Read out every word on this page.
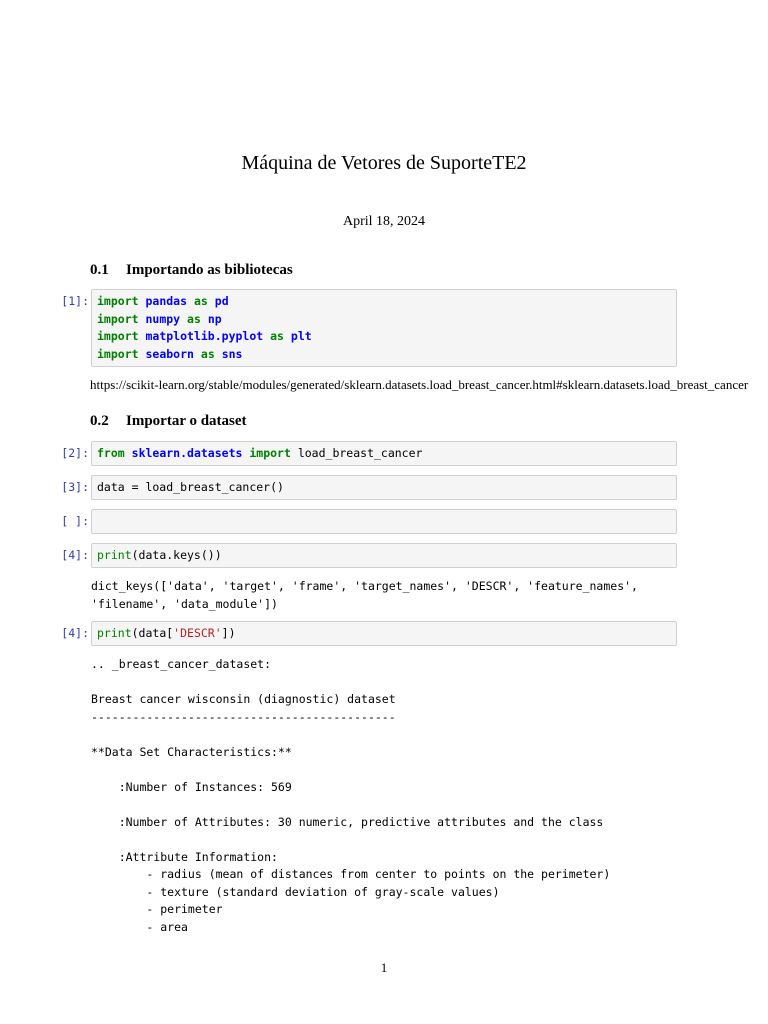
Máquina de Vetores de SuporteTE2
April 18, 2024
0.1 Importando as bibliotecas
[1]: import pandas as pd
import numpy as np
import matplotlib.pyplot as plt
import seaborn as sns
https://scikit-learn.org/stable/modules/generated/sklearn.datasets.load_breast_cancer.html#sklearn.datasets.load_breast_cancer
0.2 Importar o dataset
[2]: from sklearn.datasets import load_breast_cancer
[3]: data = load_breast_cancer()
[ ]:
[4]: print(data.keys())
dict_keys(['data', 'target', 'frame', 'target_names', 'DESCR', 'feature_names',
'filename', 'data_module'])
[4]: print(data['DESCR'])
.. _breast_cancer_dataset:

Breast cancer wisconsin (diagnostic) dataset
--------------------------------------------

**Data Set Characteristics:**

:Number of Instances: 569

:Number of Attributes: 30 numeric, predictive attributes and the class

:Attribute Information:
- radius (mean of distances from center to points on the perimeter)
- texture (standard deviation of gray-scale values)
- perimeter
- area
1
